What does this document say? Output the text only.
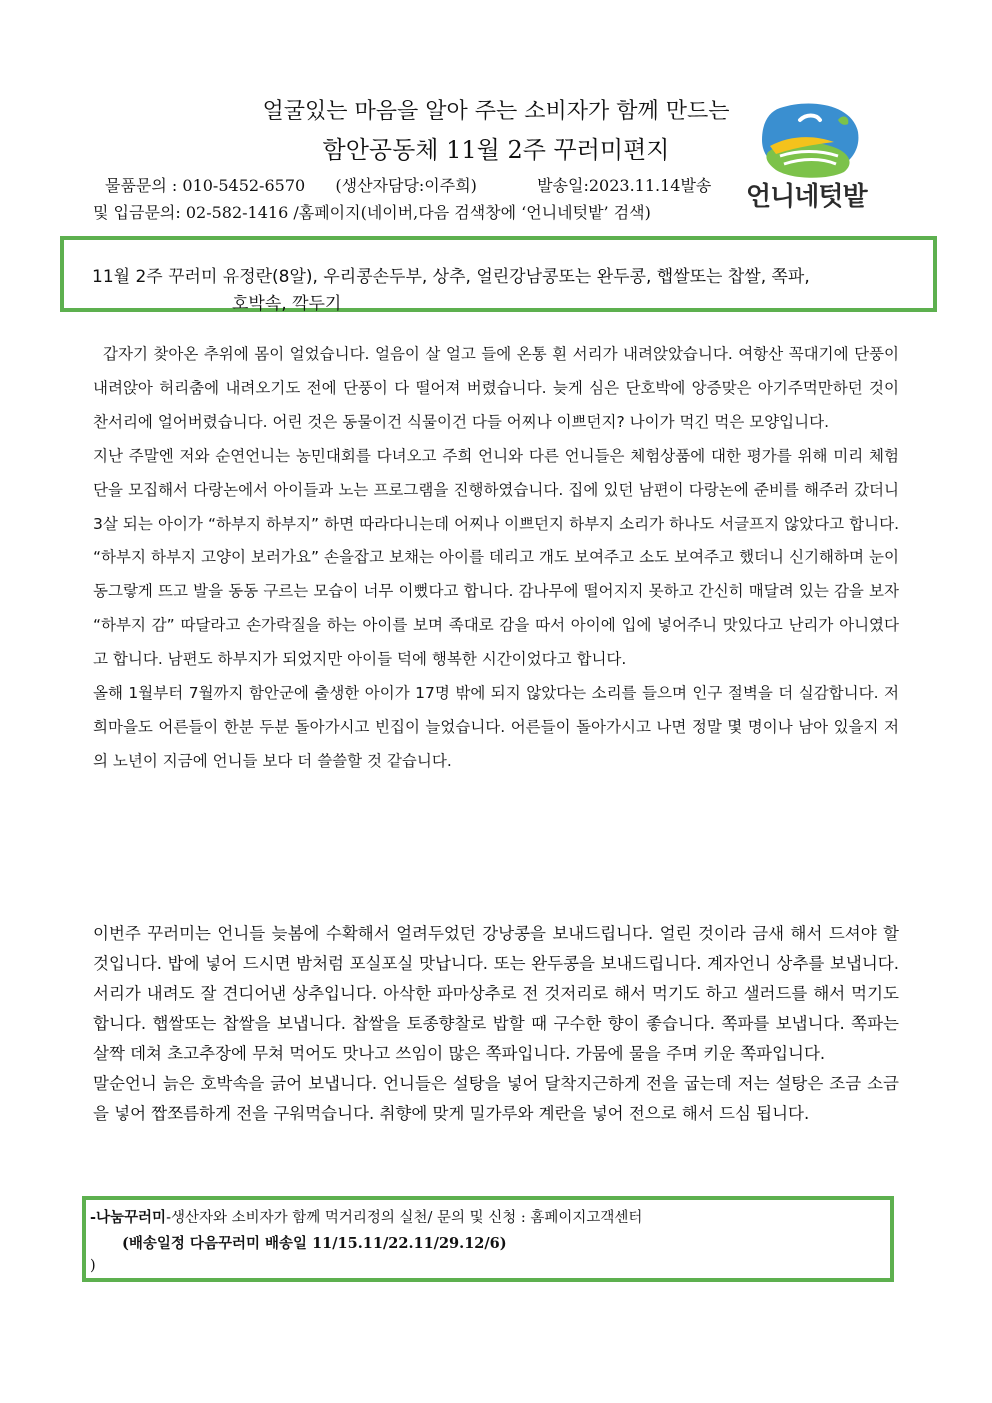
얼굴있는 마음을 알아 주는 소비자가 함께 만드는
함안공동체 11월 2주 꾸러미편지
물품문의 : 010-5452-6570 (생산자담당:이주희)	발송일:2023.11.14발송
및 입금문의: 02-582-1416 /홈페이지(네이버,다음 검색창에 ‘언니네텃밭’ 검색)
언니네텃밭
11월 2주 꾸러미 유정란(8알), 우리콩손두부, 상추, 얼린강남콩또는 완두콩, 햅쌀또는 찹쌀, 쪽파,
호박속, 깍두기

갑자기 찾아온 추위에 몸이 얼었습니다. 얼음이 살 얼고 들에 온통 흰 서리가 내려앉았습니다. 여항산 꼭대기에 단풍이 내려앉아 허리춤에 내려오기도 전에 단풍이 다 떨어져 버렸습니다. 늦게 심은 단호박에 앙증맞은 아기주먹만하던 것이 찬서리에 얼어버렸습니다. 어린 것은 동물이건 식물이건 다들 어찌나 이쁘던지? 나이가 먹긴 먹은 모양입니다.

지난 주말엔 저와 순연언니는 농민대회를 다녀오고 주희 언니와 다른 언니들은 체험상품에 대한 평가를 위해 미리 체험단을 모집해서 다랑논에서 아이들과 노는 프로그램을 진행하였습니다. 집에 있던 남편이 다랑논에 준비를 해주러 갔더니 3살 되는 아이가 “하부지 하부지” 하면 따라다니는데 어찌나 이쁘던지 하부지 소리가 하나도 서글프지 않았다고 합니다. “하부지 하부지 고양이 보러가요” 손을잡고 보채는 아이를 데리고 개도 보여주고 소도 보여주고 했더니 신기해하며 눈이 동그랗게 뜨고 발을 동동 구르는 모습이 너무 이뻤다고 합니다. 감나무에 떨어지지 못하고 간신히 매달려 있는 감을 보자 “하부지 감” 따달라고 손가락질을 하는 아이를 보며 족대로 감을 따서 아이에 입에 넣어주니 맛있다고 난리가 아니였다고 합니다. 남편도 하부지가 되었지만 아이들 덕에 행복한 시간이었다고 합니다.

올해 1월부터 7월까지 함안군에 출생한 아이가 17명 밖에 되지 않았다는 소리를 들으며 인구 절벽을 더 실감합니다. 저희마을도 어른들이 한분 두분 돌아가시고 빈집이 늘었습니다. 어른들이 돌아가시고 나면 정말 몇 명이나 남아 있을지 저의 노년이 지금에 언니들 보다 더 쓸쓸할 것 같습니다.

이번주 꾸러미는 언니들 늦봄에 수확해서 얼려두었던 강낭콩을 보내드립니다. 얼린 것이라 금새 해서 드셔야 할 것입니다. 밥에 넣어 드시면 밤처럼 포실포실 맛납니다. 또는 완두콩을 보내드립니다. 계자언니 상추를 보냅니다. 서리가 내려도 잘 견디어낸 상추입니다. 아삭한 파마상추로 전 것저리로 해서 먹기도 하고 샐러드를 해서 먹기도 합니다. 햅쌀또는 찹쌀을 보냅니다. 찹쌀을 토종향찰로 밥할 때 구수한 향이 좋습니다. 쪽파를 보냅니다. 쪽파는 살짝 데쳐 초고추장에 무쳐 먹어도 맛나고 쓰임이 많은 쪽파입니다. 가뭄에 물을 주며 키운 쪽파입니다.

말순언니 늙은 호박속을 긁어 보냅니다. 언니들은 설탕을 넣어 달착지근하게 전을 굽는데 저는 설탕은 조금 소금을 넣어 짭쪼름하게 전을 구워먹습니다. 취향에 맞게 밀가루와 계란을 넣어 전으로 해서 드심 됩니다.

-나눔꾸러미-생산자와 소비자가 함께 먹거리정의 실천/ 문의 및 신청 : 홈페이지고객센터
(배송일정 다음꾸러미 배송일 11/15.11/22.11/29.12/6)
)
